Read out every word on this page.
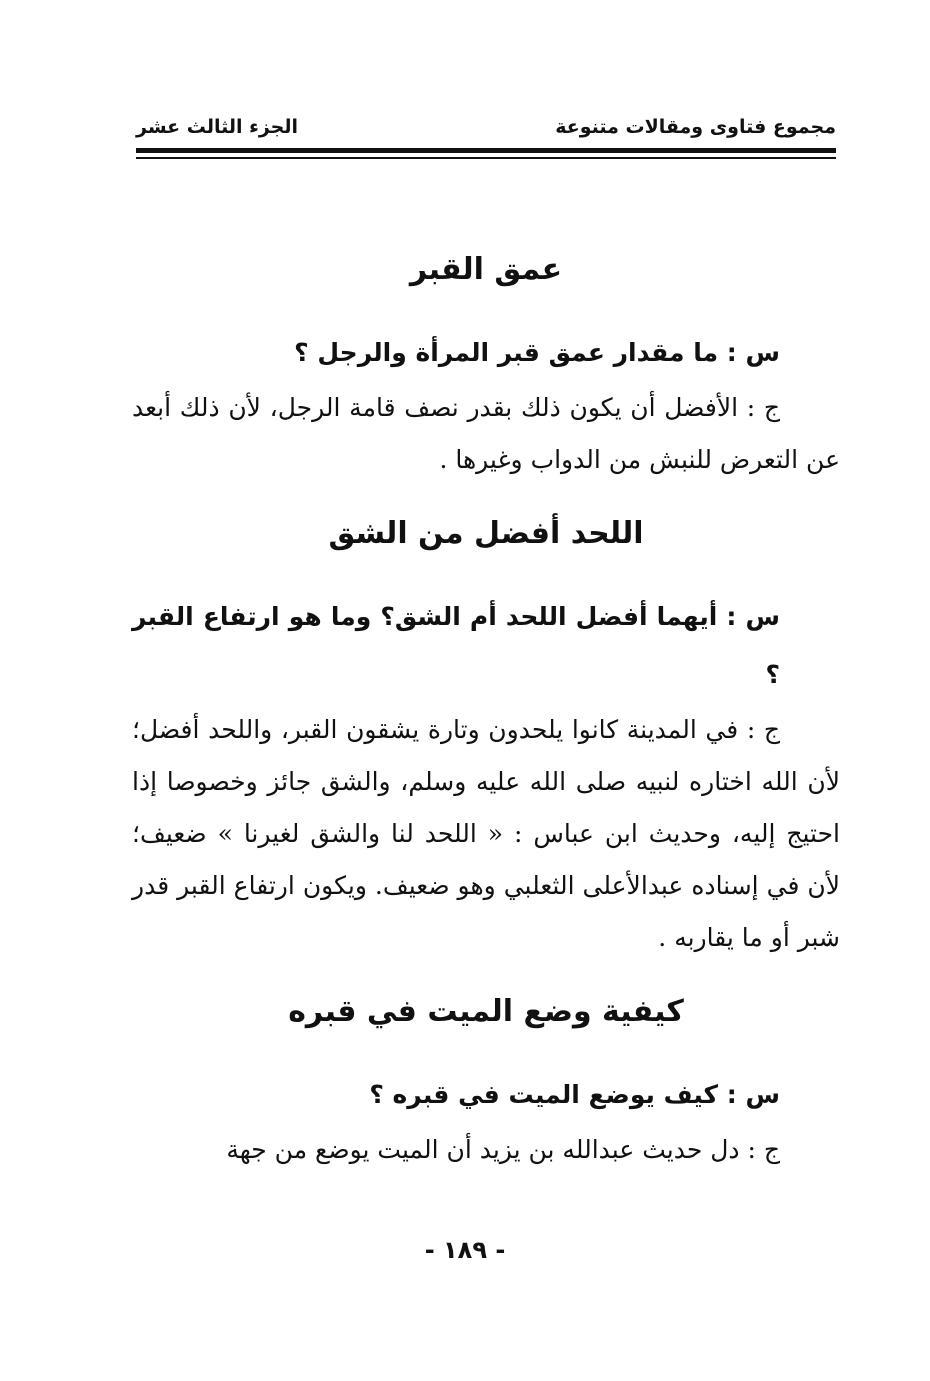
مجموع فتاوى ومقالات متنوعة
الجزء الثالث عشر
عمق القبر

س : ما مقدار عمق قبر المرأة والرجل ؟

ج : الأفضل أن يكون ذلك بقدر نصف قامة الرجل، لأن ذلك أبعد عن التعرض للنبش من الدواب وغيرها .

اللحد أفضل من الشق

س : أيهما أفضل اللحد أم الشق؟ وما هو ارتفاع القبر ؟

ج : في المدينة كانوا يلحدون وتارة يشقون القبر، واللحد أفضل؛ لأن الله اختاره لنبيه صلى الله عليه وسلم، والشق جائز وخصوصا إذا احتيج إليه، وحديث ابن عباس : « اللحد لنا والشق لغيرنا » ضعيف؛ لأن في إسناده عبدالأعلى الثعلبي وهو ضعيف. ويكون ارتفاع القبر قدر شبر أو ما يقاربه .

كيفية وضع الميت في قبره

س : كيف يوضع الميت في قبره ؟

ج : دل حديث عبدالله بن يزيد أن الميت يوضع من جهة

- ١٨٩ -
